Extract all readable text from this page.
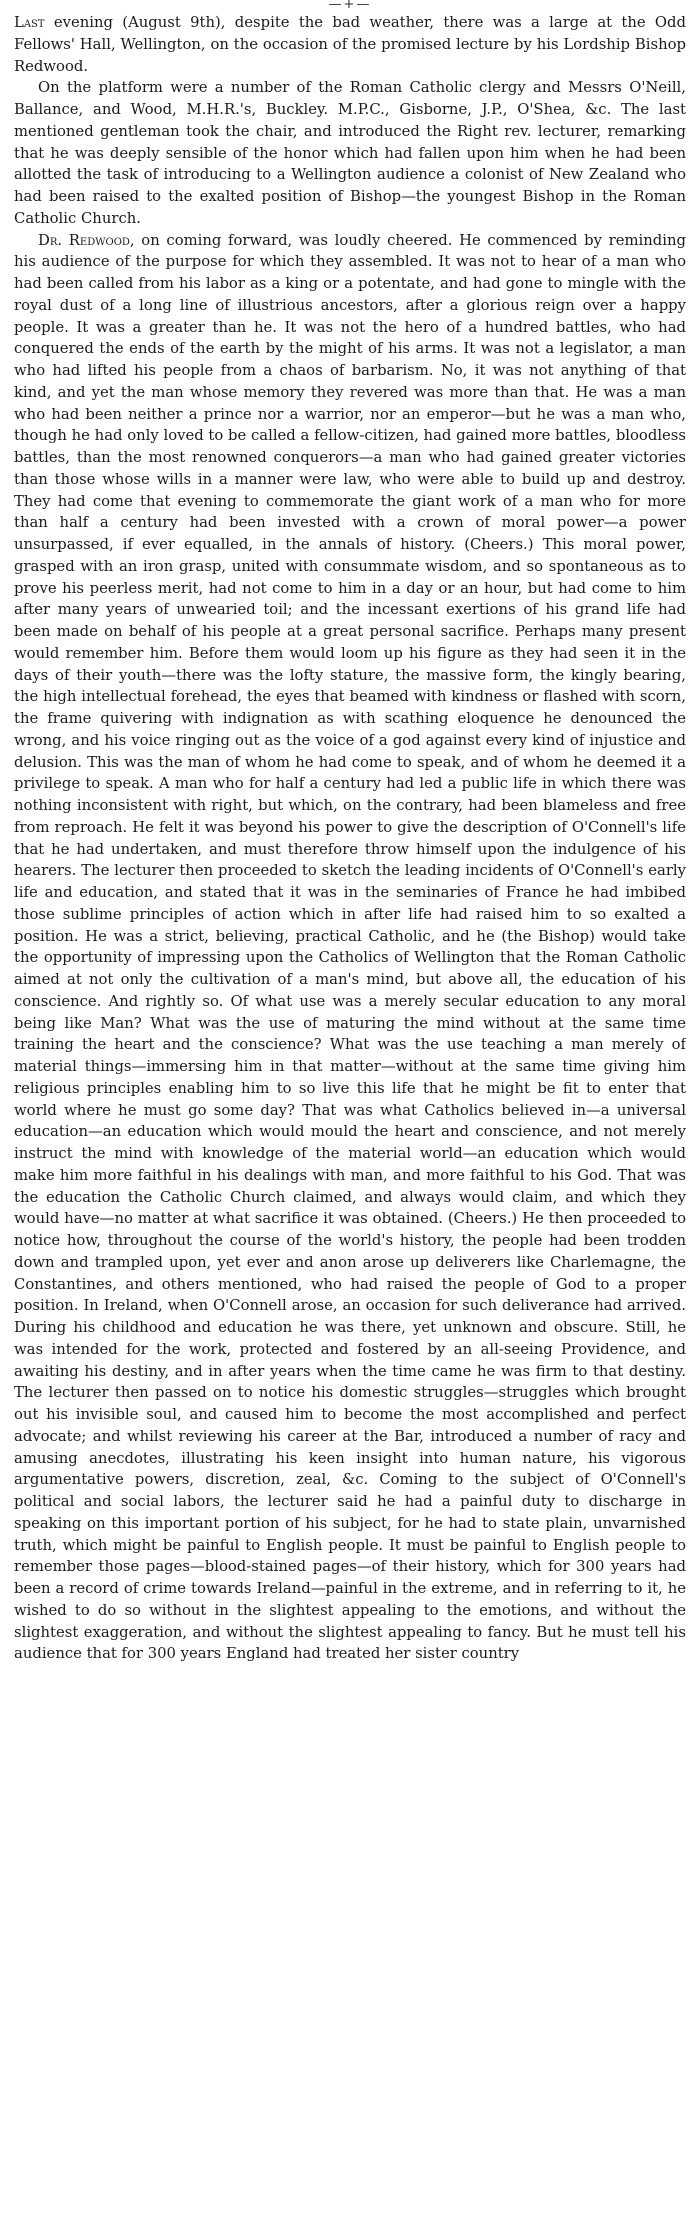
—+—

Last evening (August 9th), despite the bad weather, there was a large at the Odd Fellows' Hall, Wellington, on the occasion of the promised lecture by his Lordship Bishop Redwood.

On the platform were a number of the Roman Catholic clergy and Messrs O'Neill, Ballance, and Wood, M.H.R.'s, Buckley. M.P.C., Gisborne, J.P., O'Shea, &c. The last mentioned gentleman took the chair, and introduced the Right rev. lecturer, remarking that he was deeply sensible of the honor which had fallen upon him when he had been allotted the task of introducing to a Wellington audience a colonist of New Zealand who had been raised to the exalted position of Bishop—the youngest Bishop in the Roman Catholic Church.

Dr. Redwood, on coming forward, was loudly cheered. He commenced by reminding his audience of the purpose for which they assembled. It was not to hear of a man who had been called from his labor as a king or a potentate, and had gone to mingle with the royal dust of a long line of illustrious ancestors, after a glorious reign over a happy people. It was a greater than he. It was not the hero of a hundred battles, who had conquered the ends of the earth by the might of his arms. It was not a legislator, a man who had lifted his people from a chaos of barbarism. No, it was not anything of that kind, and yet the man whose memory they revered was more than that. He was a man who had been neither a prince nor a warrior, nor an emperor—but he was a man who, though he had only loved to be called a fellow-citizen, had gained more battles, bloodless battles, than the most renowned conquerors—a man who had gained greater victories than those whose wills in a manner were law, who were able to build up and destroy. They had come that evening to commemorate the giant work of a man who for more than half a century had been invested with a crown of moral power—a power unsurpassed, if ever equalled, in the annals of history. (Cheers.) This moral power, grasped with an iron grasp, united with consummate wisdom, and so spontaneous as to prove his peerless merit, had not come to him in a day or an hour, but had come to him after many years of unwearied toil; and the incessant exertions of his grand life had been made on behalf of his people at a great personal sacrifice. Perhaps many present would remember him. Before them would loom up his figure as they had seen it in the days of their youth—there was the lofty stature, the massive form, the kingly bearing, the high intellectual forehead, the eyes that beamed with kindness or flashed with scorn, the frame quivering with indignation as with scathing eloquence he denounced the wrong, and his voice ringing out as the voice of a god against every kind of injustice and delusion. This was the man of whom he had come to speak, and of whom he deemed it a privilege to speak. A man who for half a century had led a public life in which there was nothing inconsistent with right, but which, on the contrary, had been blameless and free from reproach. He felt it was beyond his power to give the description of O'Connell's life that he had undertaken, and must therefore throw himself upon the indulgence of his hearers. The lecturer then proceeded to sketch the leading incidents of O'Connell's early life and education, and stated that it was in the seminaries of France he had imbibed those sublime principles of action which in after life had raised him to so exalted a position. He was a strict, believing, practical Catholic, and he (the Bishop) would take the opportunity of impressing upon the Catholics of Wellington that the Roman Catholic aimed at not only the cultivation of a man's mind, but above all, the education of his conscience. And rightly so. Of what use was a merely secular education to any moral being like Man? What was the use of maturing the mind without at the same time training the heart and the conscience? What was the use teaching a man merely of material things—immersing him in that matter—without at the same time giving him religious principles enabling him to so live this life that he might be fit to enter that world where he must go some day? That was what Catholics believed in—a universal education—an education which would mould the heart and conscience, and not merely instruct the mind with knowledge of the material world—an education which would make him more faithful in his dealings with man, and more faithful to his God. That was the education the Catholic Church claimed, and always would claim, and which they would have—no matter at what sacrifice it was obtained. (Cheers.) He then proceeded to notice how, throughout the course of the world's history, the people had been trodden down and trampled upon, yet ever and anon arose up deliverers like Charlemagne, the Constantines, and others mentioned, who had raised the people of God to a proper position. In Ireland, when O'Connell arose, an occasion for such deliverance had arrived. During his childhood and education he was there, yet unknown and obscure. Still, he was intended for the work, protected and fostered by an all-seeing Providence, and awaiting his destiny, and in after years when the time came he was firm to that destiny. The lecturer then passed on to notice his domestic struggles—struggles which brought out his invisible soul, and caused him to become the most accomplished and perfect advocate; and whilst reviewing his career at the Bar, introduced a number of racy and amusing anecdotes, illustrating his keen insight into human nature, his vigorous argumentative powers, discretion, zeal, &c. Coming to the subject of O'Connell's political and social labors, the lecturer said he had a painful duty to discharge in speaking on this important portion of his subject, for he had to state plain, unvarnished truth, which might be painful to English people. It must be painful to English people to remember those pages—blood-stained pages—of their history, which for 300 years had been a record of crime towards Ireland—painful in the extreme, and in referring to it, he wished to do so without in the slightest appealing to the emotions, and without the slightest exaggeration, and without the slightest appealing to fancy. But he must tell his audience that for 300 years England had treated her sister country
